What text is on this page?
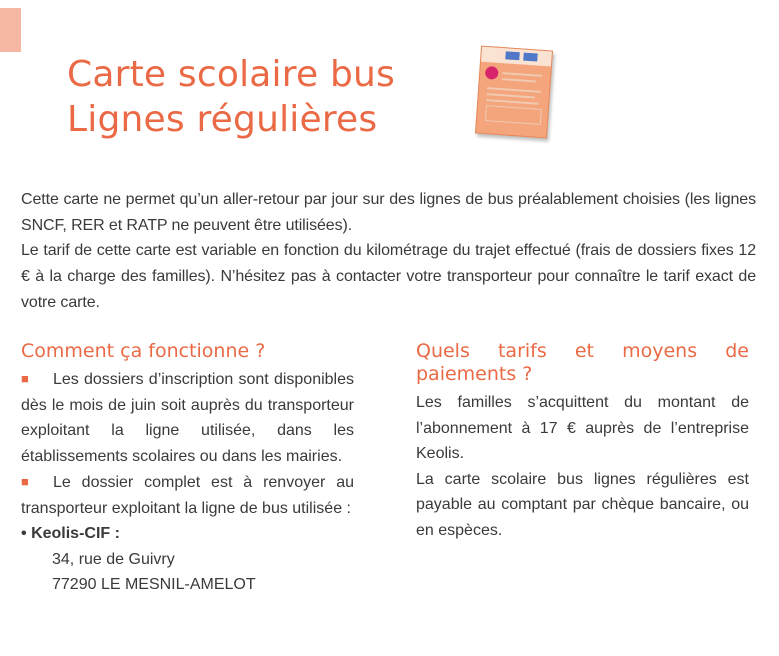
Carte scolaire bus
Lignes régulières
Cette carte ne permet qu’un aller-retour par jour sur des lignes de bus préalablement choisies (les lignes SNCF, RER et RATP ne peuvent être utilisées).
Le tarif de cette carte est variable en fonction du kilométrage du trajet effectué (frais de dossiers fixes 12 € à la charge des familles). N’hésitez pas à contacter votre transporteur pour connaître le tarif exact de votre carte.
Comment ça fonctionne ?

■ Les dossiers d’inscription sont disponibles dès le mois de juin soit auprès du transporteur exploitant la ligne utilisée, dans les établissements scolaires ou dans les mairies.

■ Le dossier complet est à renvoyer au transporteur exploitant la ligne de bus utilisée :

• Keolis-CIF :

34, rue de Guivry

77290 LE MESNIL-AMELOT

Quels tarifs et moyens de paiements ?

Les familles s’acquittent du montant de l’abonnement à 17 € auprès de l’entreprise Keolis.

La carte scolaire bus lignes régulières est payable au comptant par chèque bancaire, ou en espèces.
